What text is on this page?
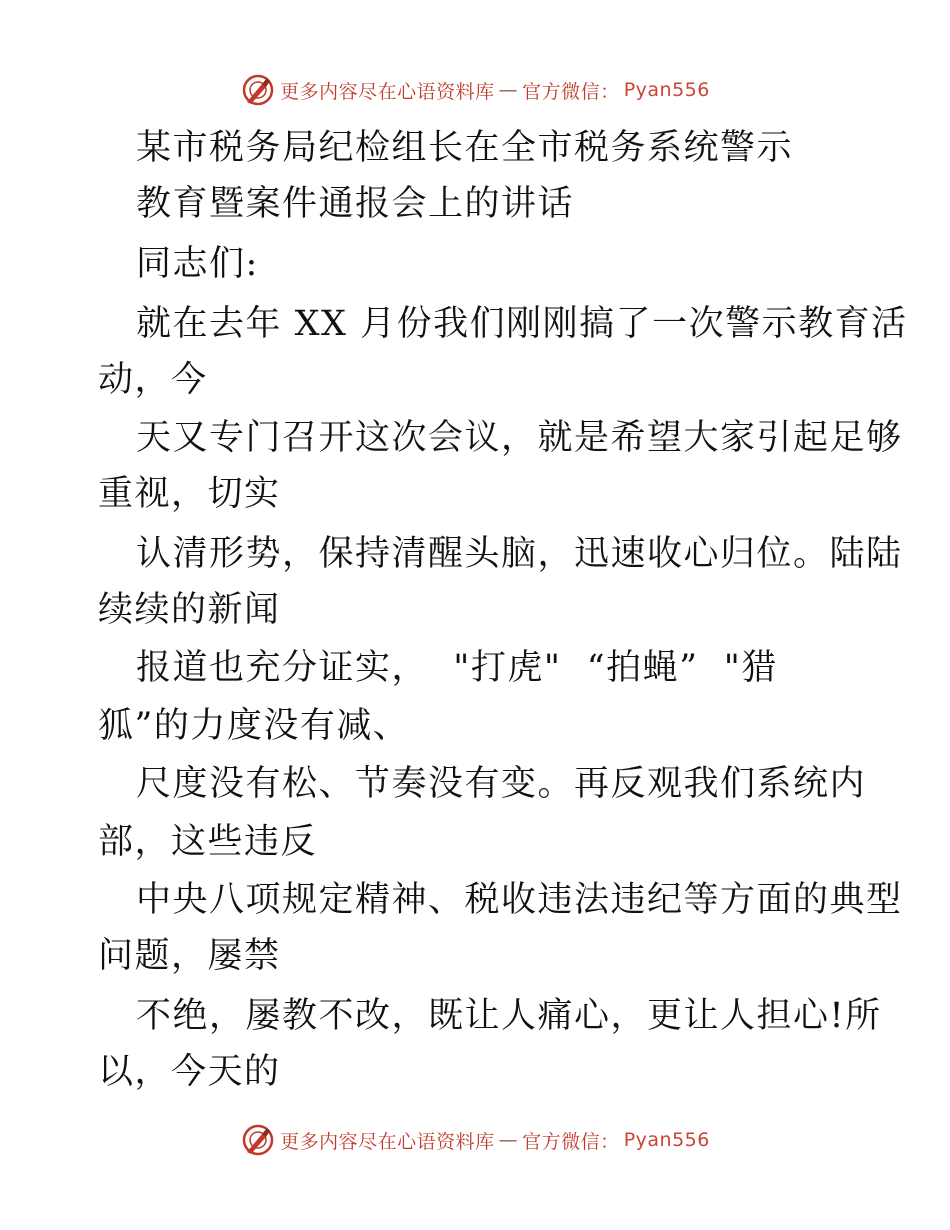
更多内容尽在心语资料库 — 官方微信： Pyan556
某市税务局纪检组长在全市税务系统警示
教育暨案件通报会上的讲话
同志们:
就在去年 XX 月份我们刚刚搞了一次警示教育活
动，今
天又专门召开这次会议，就是希望大家引起足够
重视，切实
认清形势，保持清醒头脑，迅速收心归位。陆陆
续续的新闻
报道也充分证实，  "打虎"  “拍蝇”  "猎
狐”的力度没有减、
尺度没有松、节奏没有变。再反观我们系统内
部，这些违反
中央八项规定精神、税收违法违纪等方面的典型
问题，屡禁
不绝，屡教不改，既让人痛心，更让人担心!所
以，今天的
更多内容尽在心语资料库 — 官方微信： Pyan556
